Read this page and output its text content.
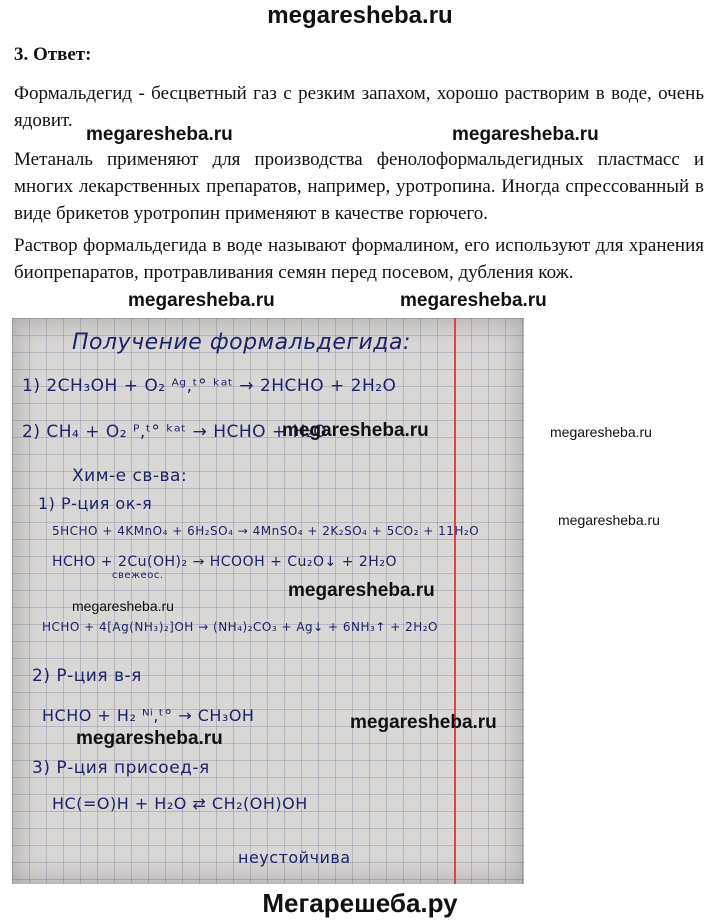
megaresheba.ru
3. Ответ:

Формальдегид - бесцветный газ с резким запахом, хорошо растворим в воде, очень ядовит.

Метаналь применяют для производства фенолоформальдегидных пластмасс и многих лекарственных препаратов, например, уротропина. Иногда спрессованный в виде брикетов уротропин применяют в качестве горючего.

Раствор формальдегида в воде называют формалином, его используют для хранения биопрепаратов, протравливания семян перед посевом, дубления кож.

megaresheba.ru	megaresheba.ru
Получение формальдегида:
1) 2CH₃OH + O₂ ᴬᵍ,ᵗ° ᵏᵃᵗ → 2HCHO + 2H₂O
2) CH₄ + O₂ ᴾ,ᵗ° ᵏᵃᵗ → HCHO + H₂O
Хим-е св-ва:
1) Р-ция ок-я
5HCHO + 4KMnO₄ + 6H₂SO₄ → 4MnSO₄ + 2K₂SO₄ + 5CO₂ + 11H₂O
HCHO + 2Cu(OH)₂ → HCOOH + Cu₂O↓ + 2H₂O
свежеос.
HCHO + 4[Ag(NH₃)₂]OH → (NH₄)₂CO₃ + Ag↓ + 6NH₃↑ + 2H₂O
2) Р-ция в-я
HCHO + H₂ ᴺⁱ,ᵗ° → CH₃OH
3) Р-ция присоед-я
HC(=O)H + H₂O ⇄ CH₂(OH)OH
неустойчива
megaresheba.ru	megaresheba.ru
megaresheba.ru
megaresheba.ru
megaresheba.ru
megaresheba.ru
megaresheba.ru
megaresheba.ru
megaresheba.ru
Мегарешеба.ру
